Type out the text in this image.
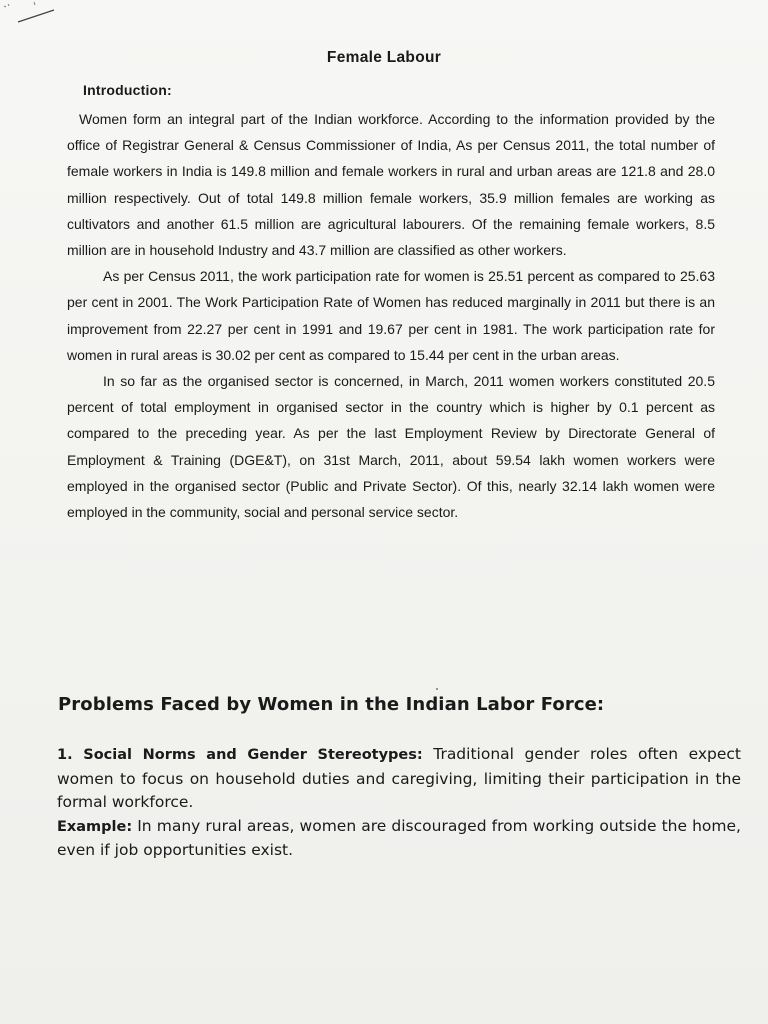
Female Labour
Introduction:

Women form an integral part of the Indian workforce. According to the information provided by the office of Registrar General & Census Commissioner of India, As per Census 2011, the total number of female workers in India is 149.8 million and female workers in rural and urban areas are 121.8 and 28.0 million respectively. Out of total 149.8 million female workers, 35.9 million females are working as cultivators and another 61.5 million are agricultural labourers. Of the remaining female workers, 8.5 million are in household Industry and 43.7 million are classified as other workers.

As per Census 2011, the work participation rate for women is 25.51 percent as compared to 25.63 per cent in 2001. The Work Participation Rate of Women has reduced marginally in 2011 but there is an improvement from 22.27 per cent in 1991 and 19.67 per cent in 1981. The work participation rate for women in rural areas is 30.02 per cent as compared to 15.44 per cent in the urban areas.

In so far as the organised sector is concerned, in March, 2011 women workers constituted 20.5 percent of total employment in organised sector in the country which is higher by 0.1 percent as compared to the preceding year. As per the last Employment Review by Directorate General of Employment & Training (DGE&T), on 31st March, 2011, about 59.54 lakh women workers were employed in the organised sector (Public and Private Sector). Of this, nearly 32.14 lakh women were employed in the community, social and personal service sector.

Problems Faced by Women in the Indian Labor Force:

1. Social Norms and Gender Stereotypes: Traditional gender roles often expect women to focus on household duties and caregiving, limiting their participation in the formal workforce.

Example: In many rural areas, women are discouraged from working outside the home, even if job opportunities exist.
